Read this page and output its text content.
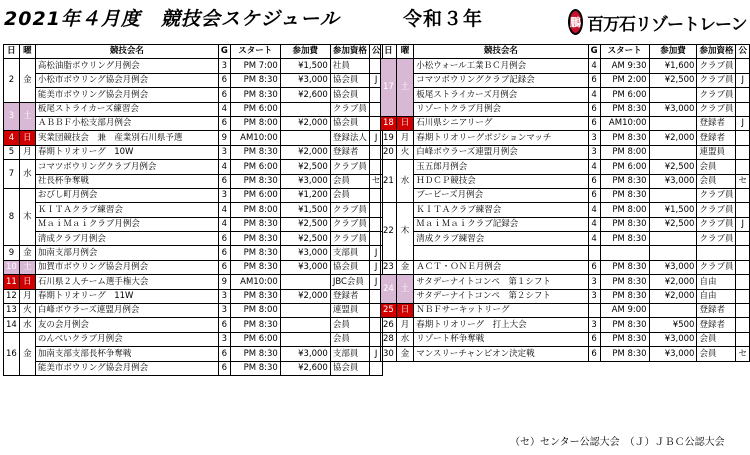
2021年４月度　競技会スケジュール	令和３年	鵬 百万石リゾートレーン
日	曜	競技会名	G	スタート	参加費	参加資格	公
2	金	高松油脂ボウリング月例会	3	PM 7:00	¥1,500	社員	
		小松市ボウリング協会月例会	6	PM 8:30	¥3,000	協会員	J
		能美市ボウリング協会月例会	6	PM 8:30	¥2,600	協会員	
3	土	板尾ストライカーズ練習会	4	PM 6:00		クラブ員	
		ＡＢＢＦ小松支部月例会	6	PM 8:00	¥2,000	協会員	
4	日	実業団競技会　兼　産業別石川県予選	9	AM10:00		登録法人	J
5	月	春期トリオリーグ　10W	3	PM 8:30	¥2,000	登録者	
7	水	コマツボウリングクラブ月例会	4	PM 6:00	¥2,500	クラブ員	
		社長杯争奪戦	6	PM 8:30	¥3,000	会員	セ
8	木	おびし町月例会	3	PM 6:00	¥1,200	会員	
		ＫＩＴＡクラブ練習会	4	PM 8:00	¥1,500	クラブ員	
		ＭａｉＭａｉクラブ月例会	4	PM 8:30	¥2,500	クラブ員	
		清成クラブ月例会	6	PM 8:30	¥2,500	クラブ員	
9	金	加南支部月例会	6	PM 8:30	¥3,000	支部員	J
10	土	加賀市ボウリング協会月例会	6	PM 8:30	¥3,000	協会員	J
11	日	石川県２人チーム選手権大会	9	AM10:00		JBC会員	J
12	月	春期トリオリーグ　11W	3	PM 8:30	¥2,000	登録者	
13	火	白峰ボウラーズ連盟月例会	3	PM 8:00		連盟員	
14	水	友の会月例会	6	PM 8:30		会員	
16	金	のんべいクラブ月例会	3	PM 6:00		会員	
		加南支部支部長杯争奪戦	6	PM 8:30	¥3,000	支部員	J
		能美市ボウリング協会月例会	6	PM 8:30	¥2,600	協会員	
日	曜	競技会名	G	スタート	参加費	参加資格	公
17	土	小松ウォール工業ＢＣ月例会	4	AM 9:30	¥1,600	クラブ員	
		コマツボウリングクラブ記録会	6	PM 2:00	¥2,500	クラブ員	J
		板尾ストライカーズ月例会	4	PM 6:00		クラブ員	
		リゾートクラブ月例会	6	PM 8:30	¥3,000	クラブ員	
18	日	石川県シニアリーグ	6	AM10:00		登録者	J
19	月	春期トリオリーグポジションマッチ	3	PM 8:30	¥2,000	登録者	
20	火	白峰ボウラーズ連盟月例会	3	PM 8:00		連盟員	
21	水	玉五郎月例会	4	PM 6:00	¥2,500	会員	
		ＨＤＣＰ競技会	6	PM 8:30	¥3,000	会員	セ
		ブービーズ月例会	6	PM 8:30		クラブ員	
22	木	ＫＩＴＡクラブ練習会	4	PM 8:00	¥1,500	クラブ員	
		ＭａｉＭａｉクラブ記録会	4	PM 8:30	¥2,500	クラブ員	J
		清成クラブ練習会	4	PM 8:30		クラブ員	

23	金	ＡＣＴ・ＯＮＥ月例会	6	PM 8:30	¥3,000	クラブ員	
24	土	サタデーナイトコンペ　第１シフト	3	PM 8:30	¥2,000	自由	
		サタデーナイトコンペ　第２シフト	3	PM 8:30	¥2,000	自由	
25	日	ＮＢＦサーキットリーグ		AM 9:00		登録者	
26	月	春期トリオリーグ　打上大会	3	PM 8:30	¥500	登録者	
28	水	リゾート杯争奪戦	6	PM 8:30	¥3,000	会員	
30	金	マンスリーチャンピオン決定戦	6	PM 8:30	¥3,000	会員	セ
（セ）センター公認大会　（Ｊ）ＪＢＣ公認大会
